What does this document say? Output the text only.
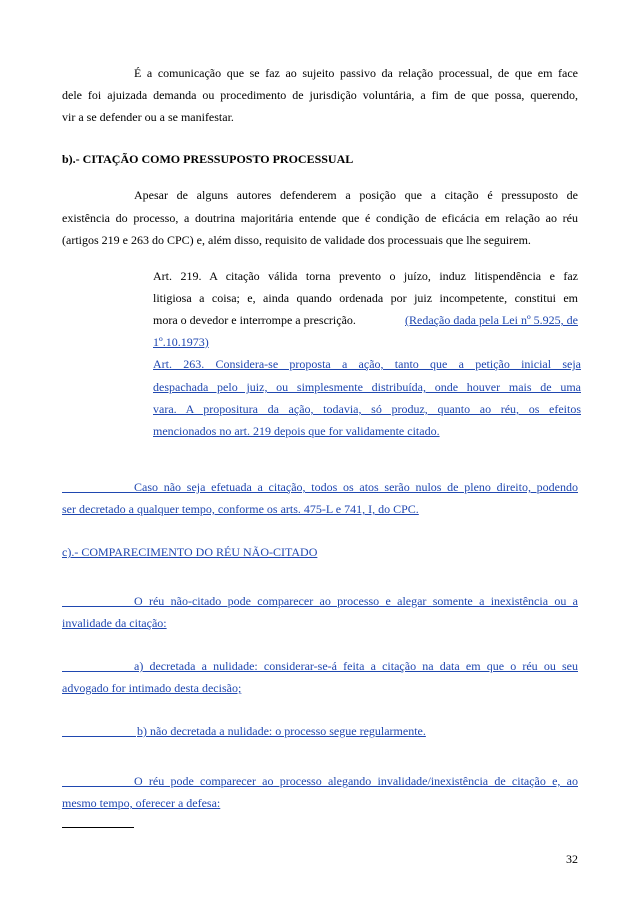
É a comunicação que se faz ao sujeito passivo da relação processual, de que em face
dele foi ajuizada demanda ou procedimento de jurisdição voluntária, a fim de que possa, querendo,
vir a se defender ou a se manifestar.
b).- CITAÇÃO COMO PRESSUPOSTO PROCESSUAL
Apesar de alguns autores defenderem a posição que a citação é pressuposto de
existência do processo, a doutrina majoritária entende que é condição de eficácia em relação ao réu
(artigos 219 e 263 do CPC) e, além disso, requisito de validade dos processuais que lhe seguirem.
Art. 219. A citação válida torna prevento o juízo, induz litispendência e faz
litigiosa a coisa; e, ainda quando ordenada por juiz incompetente, constitui em
mora o devedor e interrompe a prescrição.	(Redação dada pela Lei nº 5.925, de
1º.10.1973)
Art. 263. Considera-se proposta a ação, tanto que a petição inicial seja
despachada pelo juiz, ou simplesmente distribuída, onde houver mais de uma
vara. A propositura da ação, todavia, só produz, quanto ao réu, os efeitos
mencionados no art. 219 depois que for validamente citado.
Caso não seja efetuada a citação, todos os atos serão nulos de pleno direito, podendo
ser decretado a qualquer tempo, conforme os arts. 475-L e 741, I, do CPC.
c).- COMPARECIMENTO DO RÉU NÃO-CITADO
O réu não-citado pode comparecer ao processo e alegar somente a inexistência ou a
invalidade da citação:
a) decretada a nulidade: considerar-se-á feita a citação na data em que o réu ou seu
advogado for intimado desta decisão;
b) não decretada a nulidade: o processo segue regularmente.
O réu pode comparecer ao processo alegando invalidade/inexistência de citação e, ao
mesmo tempo, oferecer a defesa:
32
